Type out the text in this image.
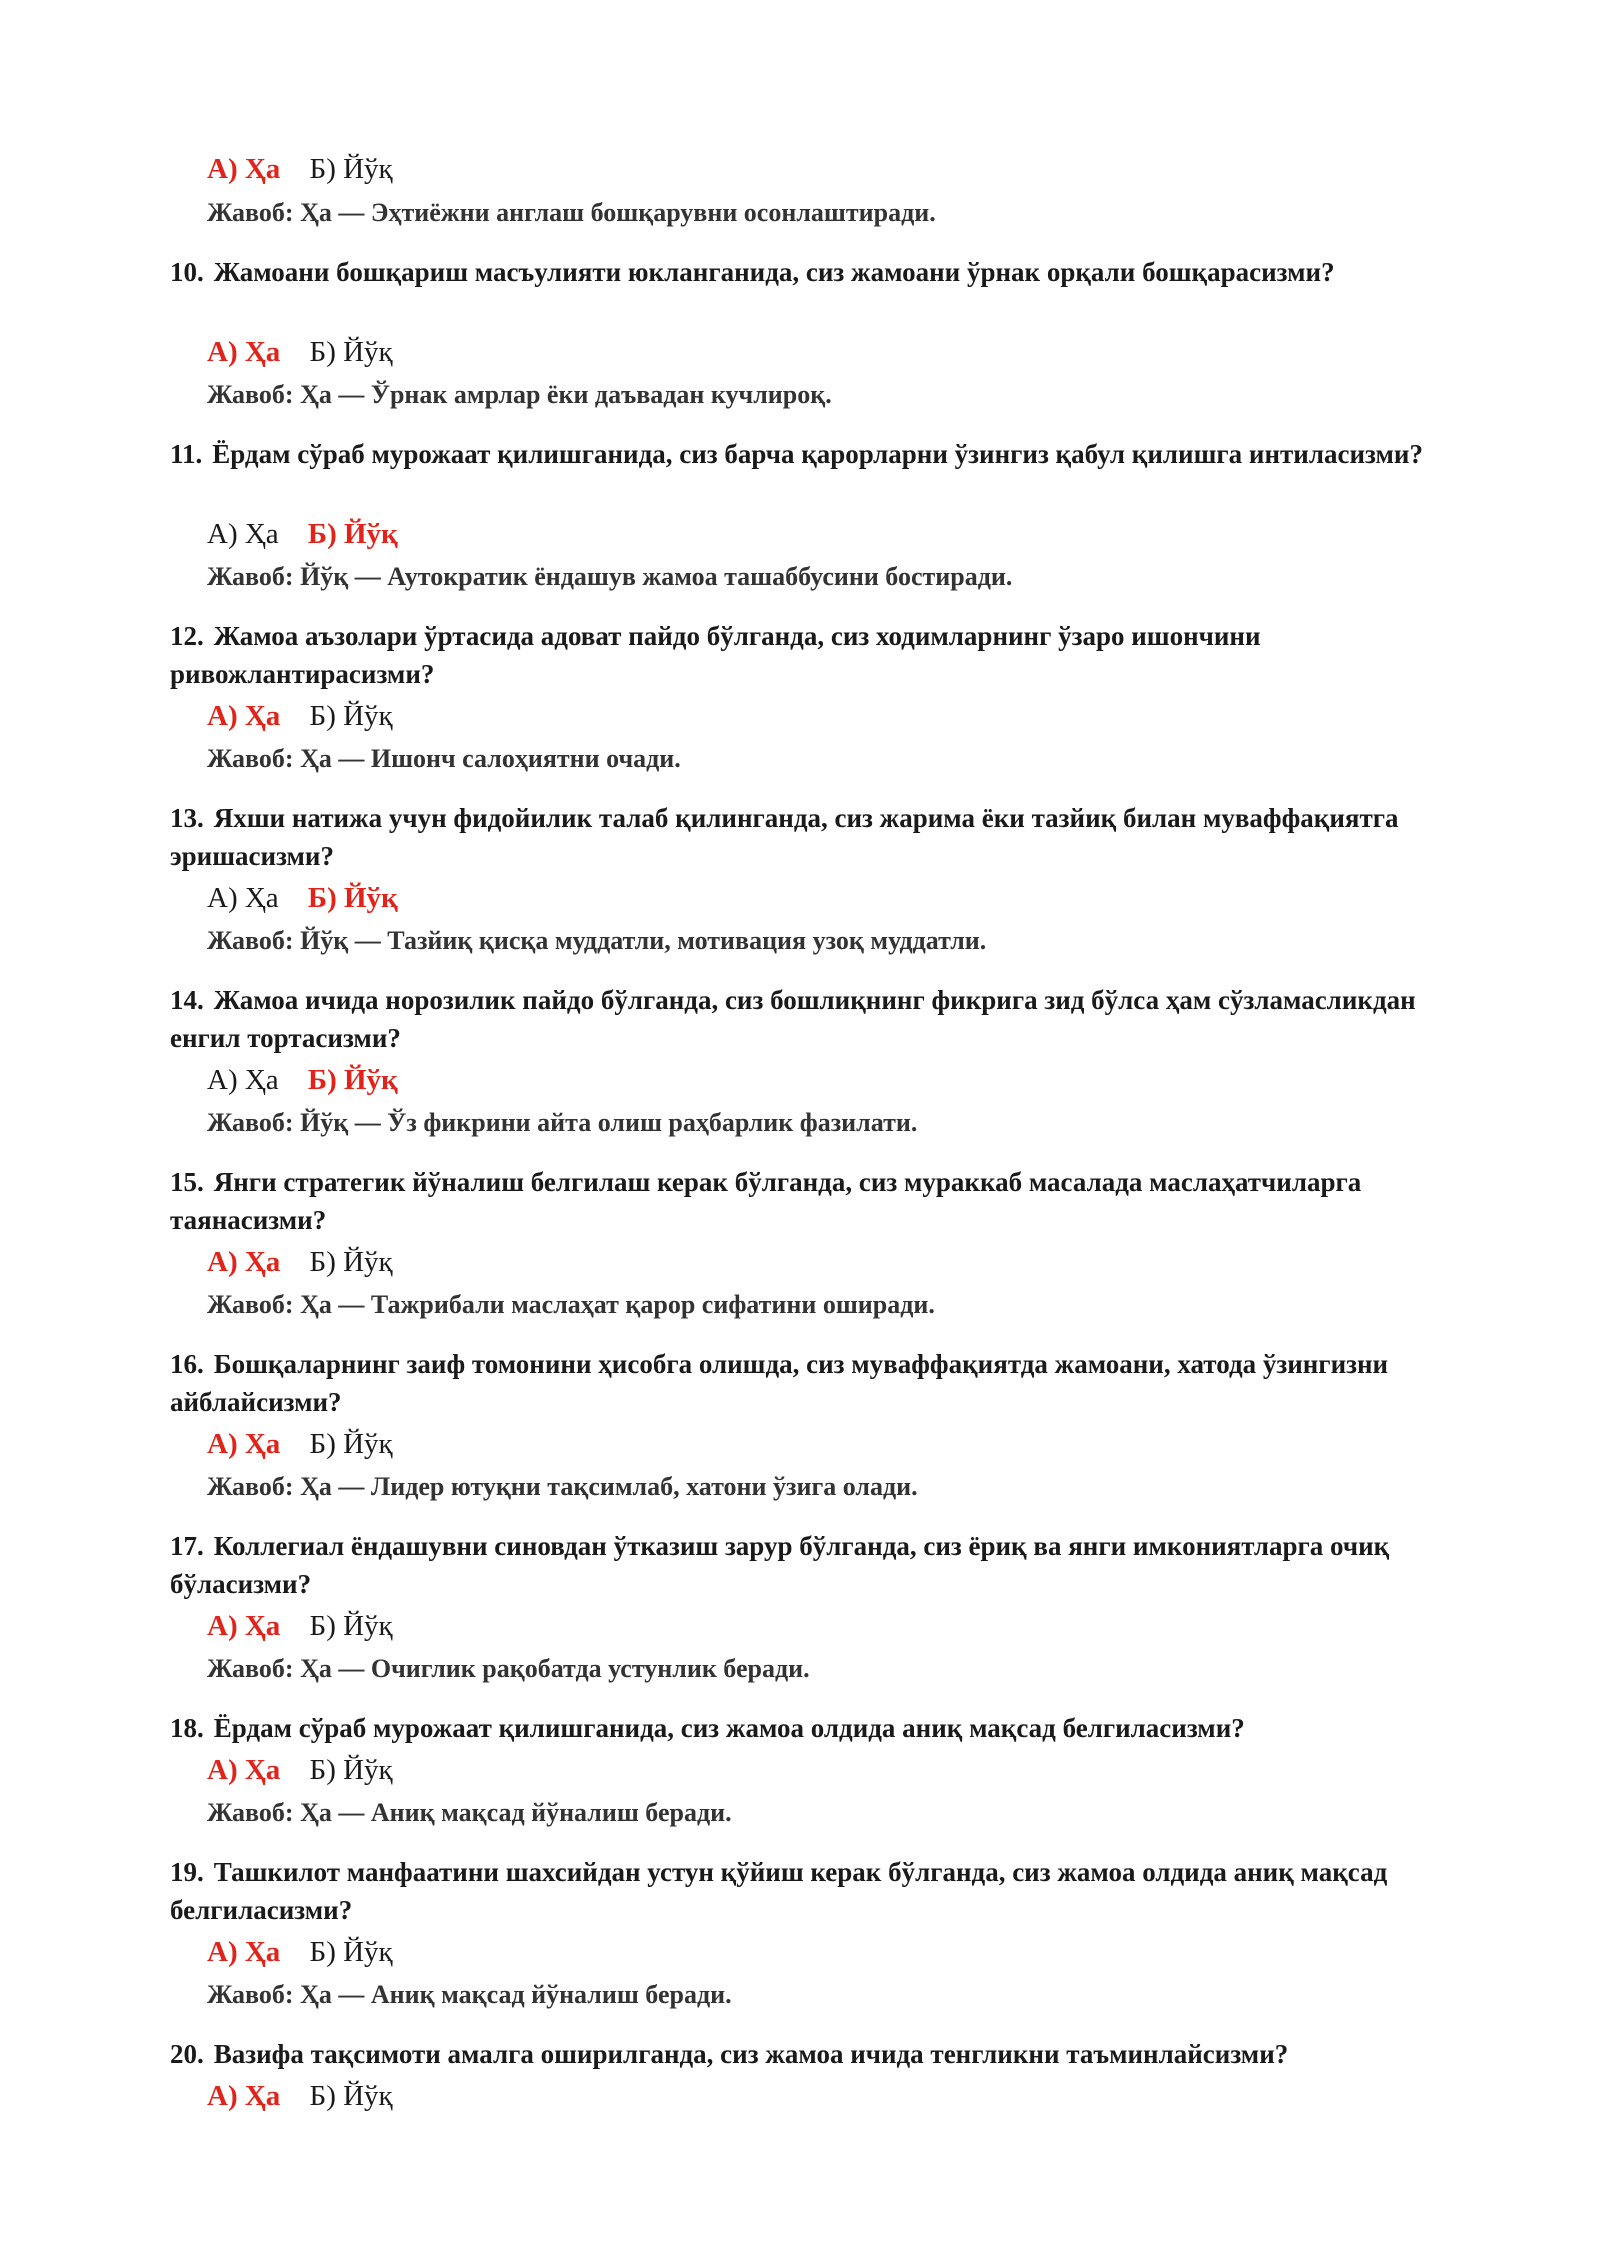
А) Ҳа Б) Йўқ
Жавоб: Ҳа — Эҳтиёжни англаш бошқарувни осонлаштиради.

10. Жамоани бошқариш масъулияти юкланганида, сиз жамоани ўрнак орқали бошқарасизми?

А) Ҳа Б) Йўқ
Жавоб: Ҳа — Ўрнак амрлар ёки даъвадан кучлироқ.

11. Ёрдам сўраб мурожаат қилишганида, сиз барча қарорларни ўзингиз қабул қилишга интиласизми?

А) Ҳа Б) Йўқ
Жавоб: Йўқ — Аутократик ёндашув жамоа ташаббусини бостиради.

12. Жамоа аъзолари ўртасида адоват пайдо бўлганда, сиз ходимларнинг ўзаро ишончини ривожлантирасизми?

А) Ҳа Б) Йўқ
Жавоб: Ҳа — Ишонч салоҳиятни очади.

13. Яхши натижа учун фидойилик талаб қилинганда, сиз жарима ёки тазйиқ билан муваффақиятга эришасизми?

А) Ҳа Б) Йўқ
Жавоб: Йўқ — Тазйиқ қисқа муддатли, мотивация узоқ муддатли.

14. Жамоа ичида норозилик пайдо бўлганда, сиз бошлиқнинг фикрига зид бўлса ҳам сўзламасликдан енгил тортасизми?

А) Ҳа Б) Йўқ
Жавоб: Йўқ — Ўз фикрини айта олиш раҳбарлик фазилати.

15. Янги стратегик йўналиш белгилаш керак бўлганда, сиз мураккаб масалада маслаҳатчиларга таянасизми?

А) Ҳа Б) Йўқ
Жавоб: Ҳа — Тажрибали маслаҳат қарор сифатини оширади.

16. Бошқаларнинг заиф томонини ҳисобга олишда, сиз муваффақиятда жамоани, хатода ўзингизни айблайсизми?

А) Ҳа Б) Йўқ
Жавоб: Ҳа — Лидер ютуқни тақсимлаб, хатони ўзига олади.

17. Коллегиал ёндашувни синовдан ўтказиш зарур бўлганда, сиз ёриқ ва янги имкониятларга очиқ бўласизми?

А) Ҳа Б) Йўқ
Жавоб: Ҳа — Очиглик рақобатда устунлик беради.

18. Ёрдам сўраб мурожаат қилишганида, сиз жамоа олдида аниқ мақсад белгиласизми?

А) Ҳа Б) Йўқ
Жавоб: Ҳа — Аниқ мақсад йўналиш беради.

19. Ташкилот манфаатини шахсийдан устун қўйиш керак бўлганда, сиз жамоа олдида аниқ мақсад белгиласизми?

А) Ҳа Б) Йўқ
Жавоб: Ҳа — Аниқ мақсад йўналиш беради.

20. Вазифа тақсимоти амалга оширилганда, сиз жамоа ичида тенгликни таъминлайсизми?

А) Ҳа Б) Йўқ
